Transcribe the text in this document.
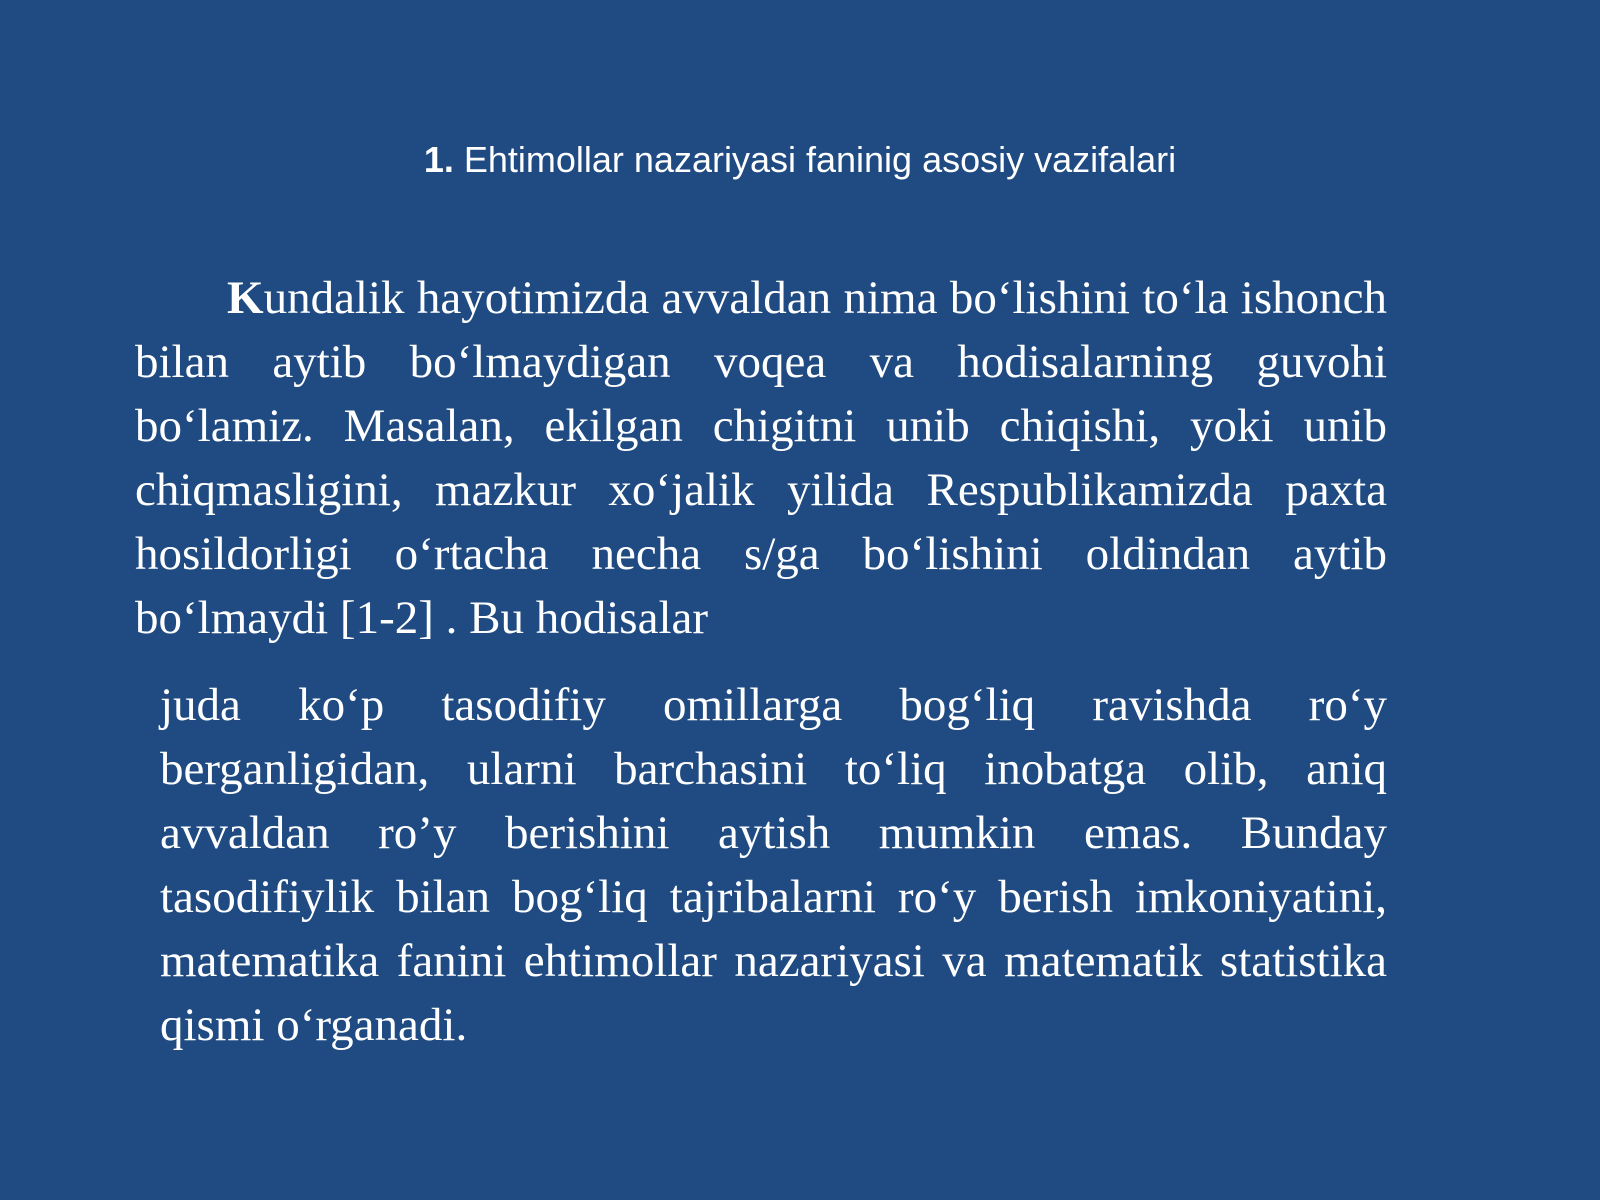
1. Ehtimollar nazariyasi faninig asosiy vazifalari
Kundalik hayotimizda avvaldan nima bo‘lishini to‘la ishonch bilan aytib bo‘lmaydigan voqea va hodisalarning guvohi bo‘lamiz. Masalan, ekilgan chigitni unib chiqishi, yoki unib chiqmasligini, mazkur xo‘jalik yilida Respublikamizda paxta hosildorligi o‘rtacha necha s/ga bo‘lishini oldindan aytib bo‘lmaydi [1-2] . Bu hodisalar
juda ko‘p tasodifiy omillarga bog‘liq ravishda ro‘y berganligidan, ularni barchasini to‘liq inobatga olib, aniq avvaldan ro’y berishini aytish mumkin emas. Bunday tasodifiylik bilan bog‘liq tajribalarni ro‘y berish imkoniyatini, matematika fanini ehtimollar nazariyasi va matematik statistika qismi o‘rganadi.
